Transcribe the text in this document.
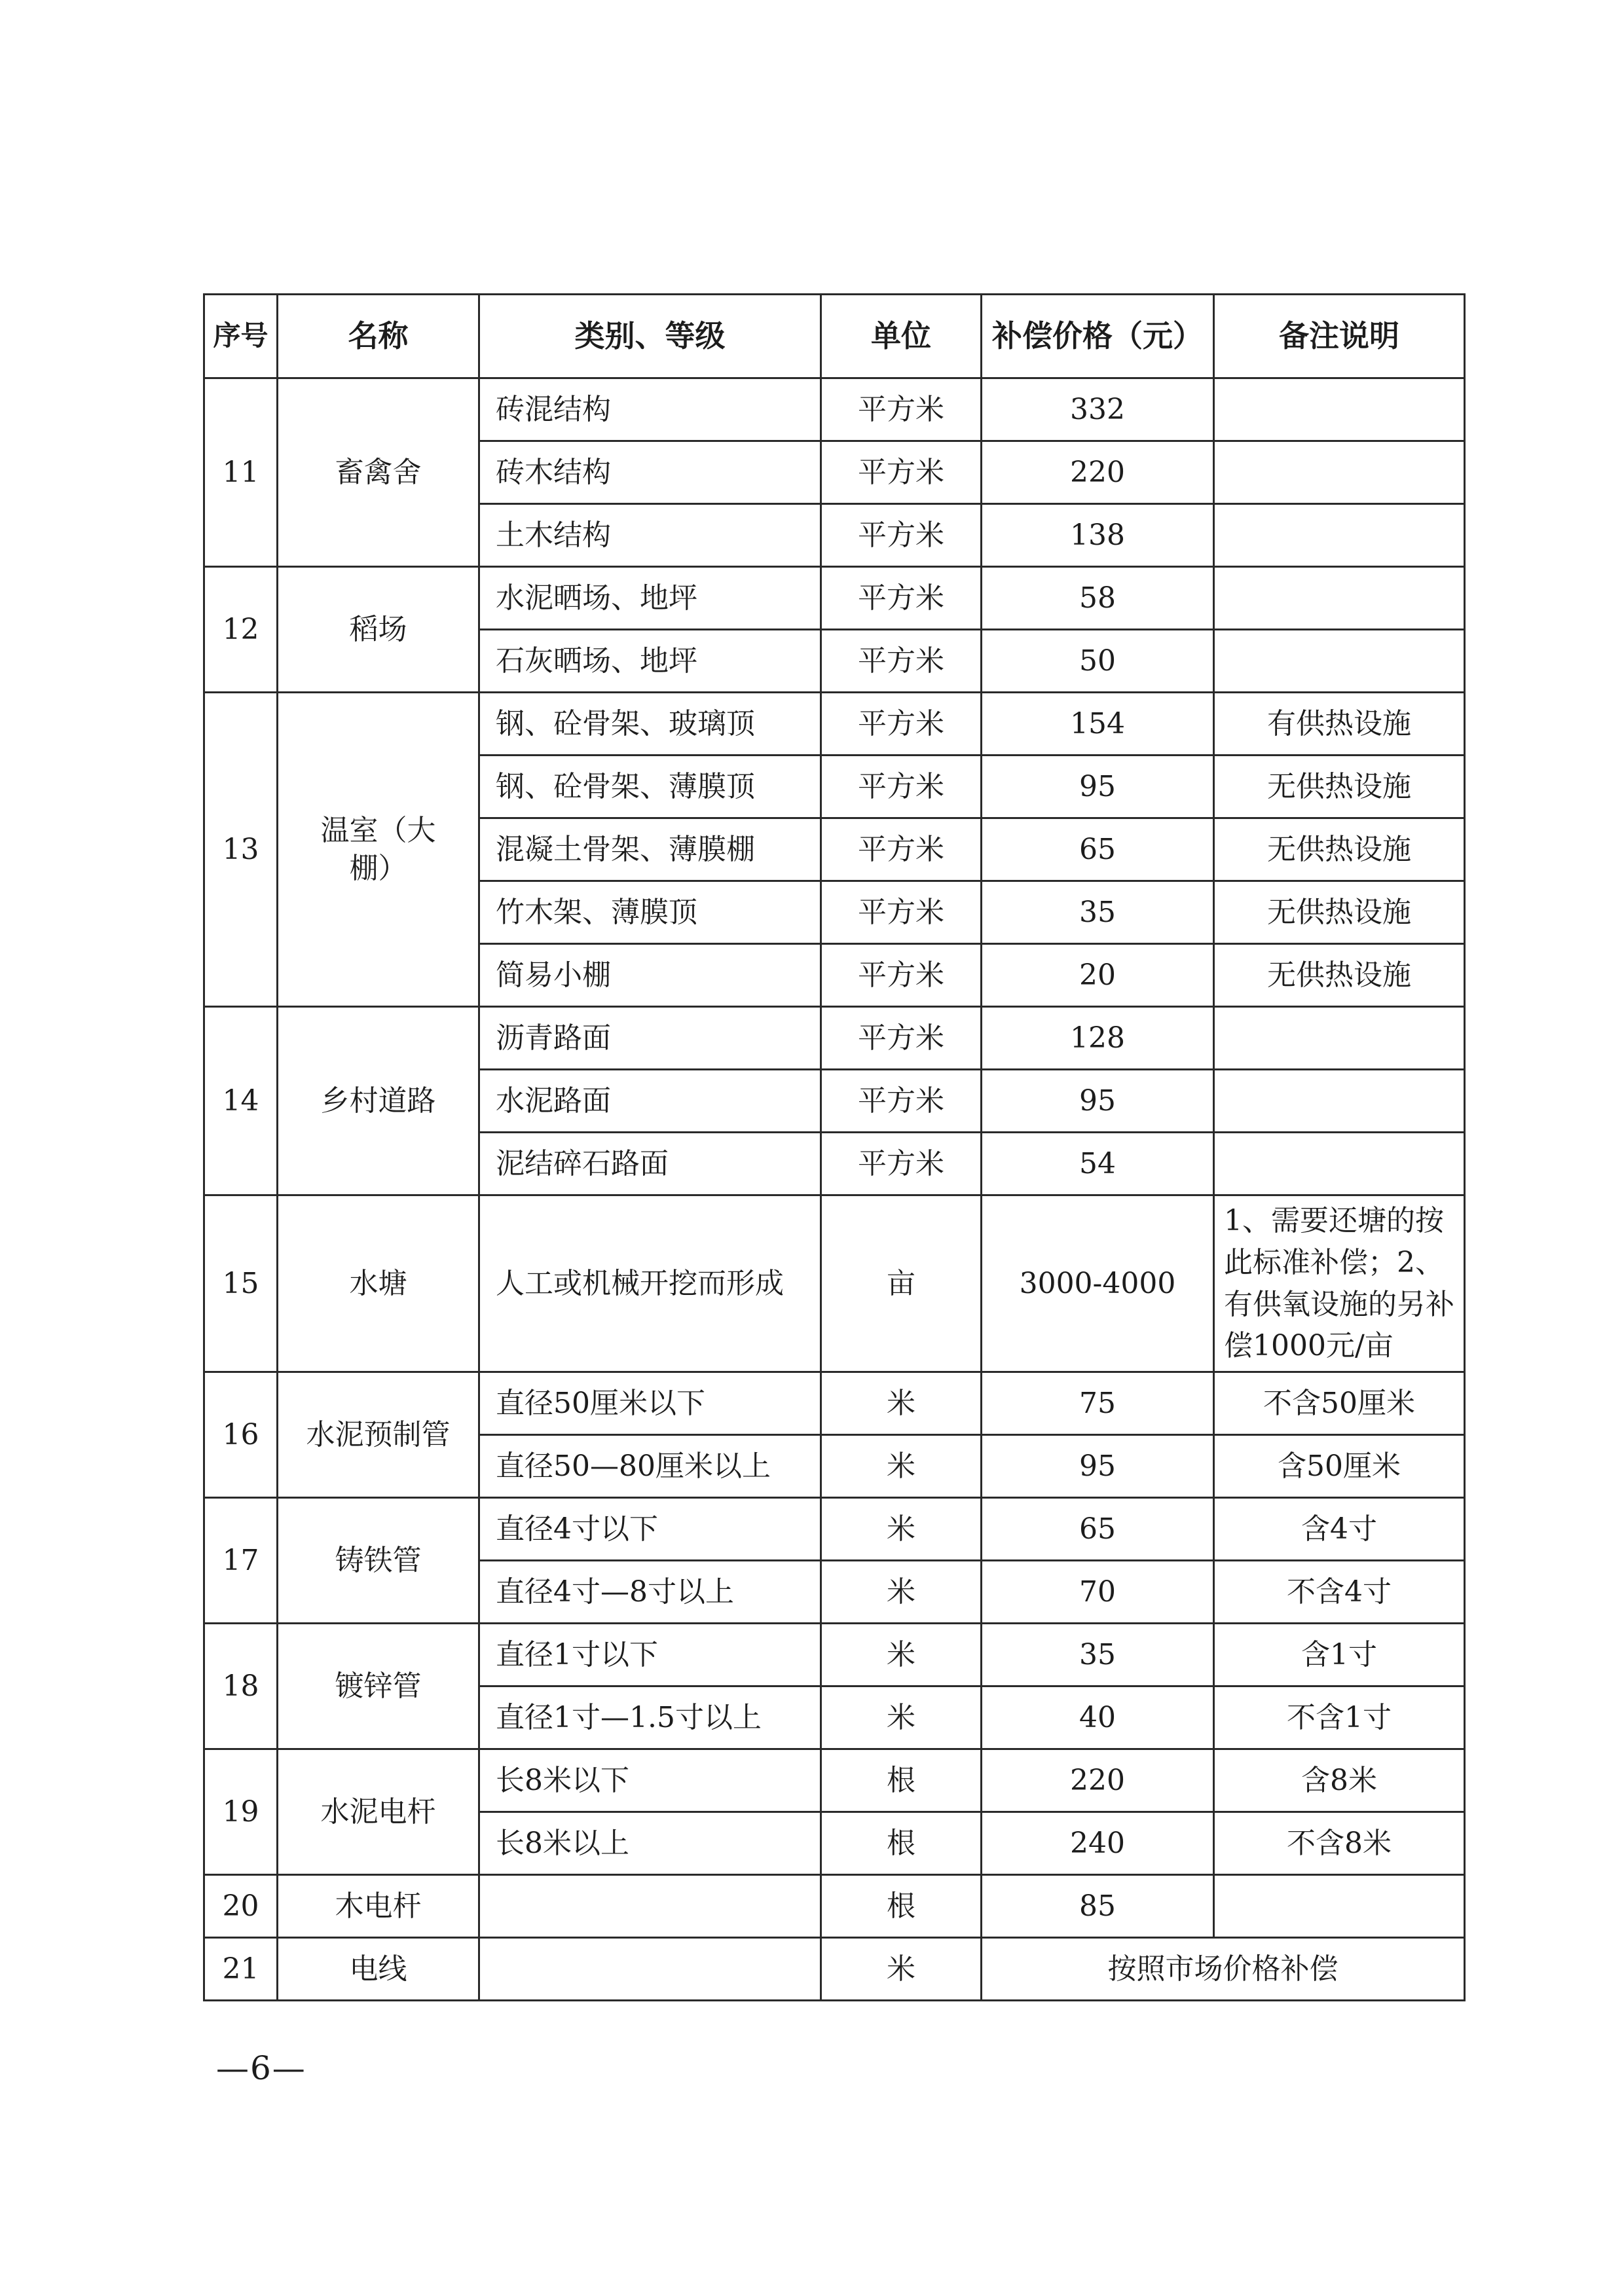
序号	名称	类别、等级	单位	补偿价格（元）	备注说明
11	畜禽舍	砖混结构	平方米	332	
		砖木结构	平方米	220	
		土木结构	平方米	138	
12	稻场	水泥晒场、地坪	平方米	58	
		石灰晒场、地坪	平方米	50	
13	温室（大棚）	钢、砼骨架、玻璃顶	平方米	154	有供热设施
		钢、砼骨架、薄膜顶	平方米	95	无供热设施
		混凝土骨架、薄膜棚	平方米	65	无供热设施
		竹木架、薄膜顶	平方米	35	无供热设施
		简易小棚	平方米	20	无供热设施
14	乡村道路	沥青路面	平方米	128	
		水泥路面	平方米	95	
		泥结碎石路面	平方米	54	
15	水塘	人工或机械开挖而形成	亩	3000-4000	1、需要还塘的按此标准补偿；2、有供氧设施的另补偿1000元/亩
16	水泥预制管	直径50厘米以下	米	75	不含50厘米
		直径50—80厘米以上	米	95	含50厘米
17	铸铁管	直径4寸以下	米	65	含4寸
		直径4寸—8寸以上	米	70	不含4寸
18	镀锌管	直径1寸以下	米	35	含1寸
		直径1寸—1.5寸以上	米	40	不含1寸
19	水泥电杆	长8米以下	根	220	含8米
		长8米以上	根	240	不含8米
20	木电杆		根	85	
21	电线		米	按照市场价格补偿	
—6—
